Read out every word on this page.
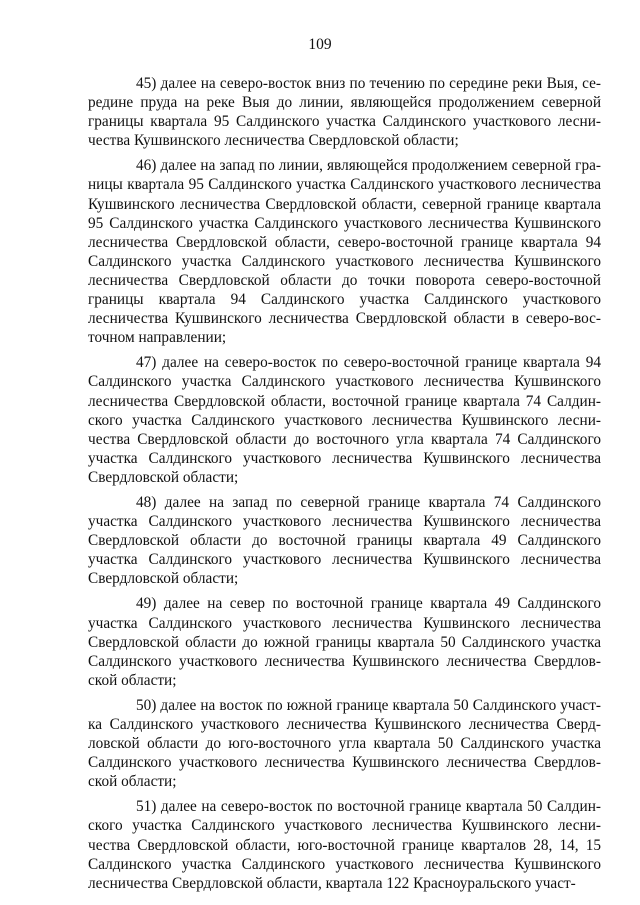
109

45) далее на северо-восток вниз по течению по середине реки Выя, середине пруда на реке Выя до линии, являющейся продолжением северной границы квартала 95 Салдинского участка Салдинского участкового лесничества Кушвинского лесничества Свердловской области;

46) далее на запад по линии, являющейся продолжением северной границы квартала 95 Салдинского участка Салдинского участкового лесничества Кушвинского лесничества Свердловской области, северной границе квартала 95 Салдинского участка Салдинского участкового лесничества Кушвинского лесничества Свердловской области, северо-восточной границе квартала 94 Салдинского участка Салдинского участкового лесничества Кушвинского лесничества Свердловской области до точки поворота северо-восточной границы квартала 94 Салдинского участка Салдинского участкового лесничества Кушвинского лесничества Свердловской области в северо-восточном направлении;

47) далее на северо-восток по северо-восточной границе квартала 94 Салдинского участка Салдинского участкового лесничества Кушвинского лесничества Свердловской области, восточной границе квартала 74 Салдинского участка Салдинского участкового лесничества Кушвинского лесничества Свердловской области до восточного угла квартала 74 Салдинского участка Салдинского участкового лесничества Кушвинского лесничества Свердловской области;

48) далее на запад по северной границе квартала 74 Салдинского участка Салдинского участкового лесничества Кушвинского лесничества Свердловской области до восточной границы квартала 49 Салдинского участка Салдинского участкового лесничества Кушвинского лесничества Свердловской области;

49) далее на север по восточной границе квартала 49 Салдинского участка Салдинского участкового лесничества Кушвинского лесничества Свердловской области до южной границы квартала 50 Салдинского участка Салдинского участкового лесничества Кушвинского лесничества Свердловской области;

50) далее на восток по южной границе квартала 50 Салдинского участка Салдинского участкового лесничества Кушвинского лесничества Свердловской области до юго-восточного угла квартала 50 Салдинского участка Салдинского участкового лесничества Кушвинского лесничества Свердловской области;

51) далее на северо-восток по восточной границе квартала 50 Салдинского участка Салдинского участкового лесничества Кушвинского лесничества Свердловской области, юго-восточной границе кварталов 28, 14, 15 Салдинского участка Салдинского участкового лесничества Кушвинского лесничества Свердловской области, квартала 122 Красноуральского участ-
